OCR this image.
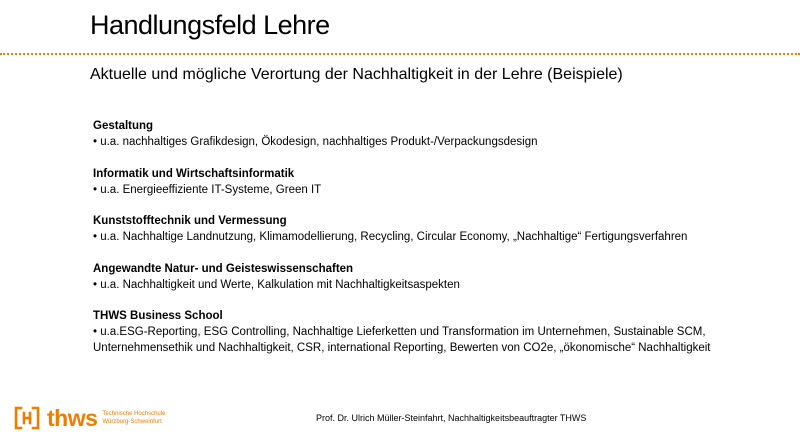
Handlungsfeld Lehre
Aktuelle und mögliche Verortung der Nachhaltigkeit in der Lehre (Beispiele)
Gestaltung
• u.a. nachhaltiges Grafikdesign, Ökodesign, nachhaltiges Produkt-/Verpackungsdesign
Informatik und Wirtschaftsinformatik
• u.a. Energieeffiziente IT-Systeme, Green IT
Kunststofftechnik und Vermessung
• u.a. Nachhaltige Landnutzung, Klimamodellierung, Recycling, Circular Economy, „Nachhaltige“ Fertigungsverfahren
Angewandte Natur- und Geisteswissenschaften
• u.a. Nachhaltigkeit und Werte, Kalkulation mit Nachhaltigkeitsaspekten
THWS Business School
• u.a.ESG-Reporting, ESG Controlling, Nachhaltige Lieferketten und Transformation im Unternehmen, Sustainable SCM,
Unternehmensethik und Nachhaltigkeit, CSR, international Reporting, Bewerten von CO2e, „ökonomische“ Nachhaltigkeit
thws Technische Hochschule
Würzburg-Schweinfurt	Prof. Dr. Ulrich Müller-Steinfahrt, Nachhaltigkeitsbeauftragter THWS
